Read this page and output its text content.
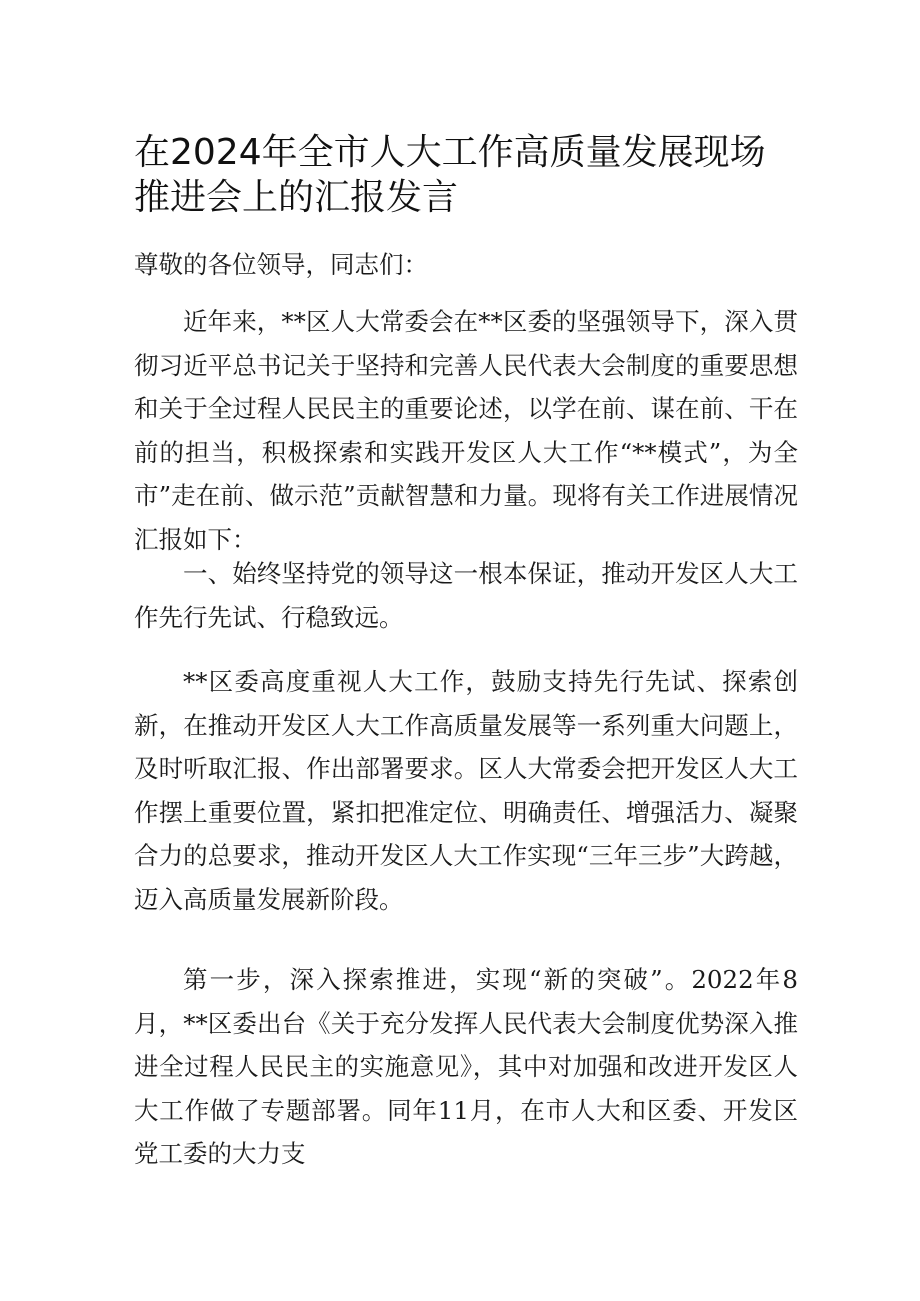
在2024年全市人大工作高质量发展现场推进会上的汇报发言

尊敬的各位领导，同志们：

近年来，**区人大常委会在**区委的坚强领导下，深入贯彻习近平总书记关于坚持和完善人民代表大会制度的重要思想和关于全过程人民民主的重要论述，以学在前、谋在前、干在前的担当，积极探索和实践开发区人大工作“**模式”，为全市”走在前、做示范”贡献智慧和力量。现将有关工作进展情况汇报如下：

一、始终坚持党的领导这一根本保证，推动开发区人大工作先行先试、行稳致远。

**区委高度重视人大工作，鼓励支持先行先试、探索创新，在推动开发区人大工作高质量发展等一系列重大问题上，及时听取汇报、作出部署要求。区人大常委会把开发区人大工作摆上重要位置，紧扣把准定位、明确责任、增强活力、凝聚合力的总要求，推动开发区人大工作实现“三年三步”大跨越，迈入高质量发展新阶段。

第一步，深入探索推进，实现“新的突破”。2022年8月，**区委出台《关于充分发挥人民代表大会制度优势深入推进全过程人民民主的实施意见》，其中对加强和改进开发区人大工作做了专题部署。同年11月，在市人大和区委、开发区党工委的大力支
